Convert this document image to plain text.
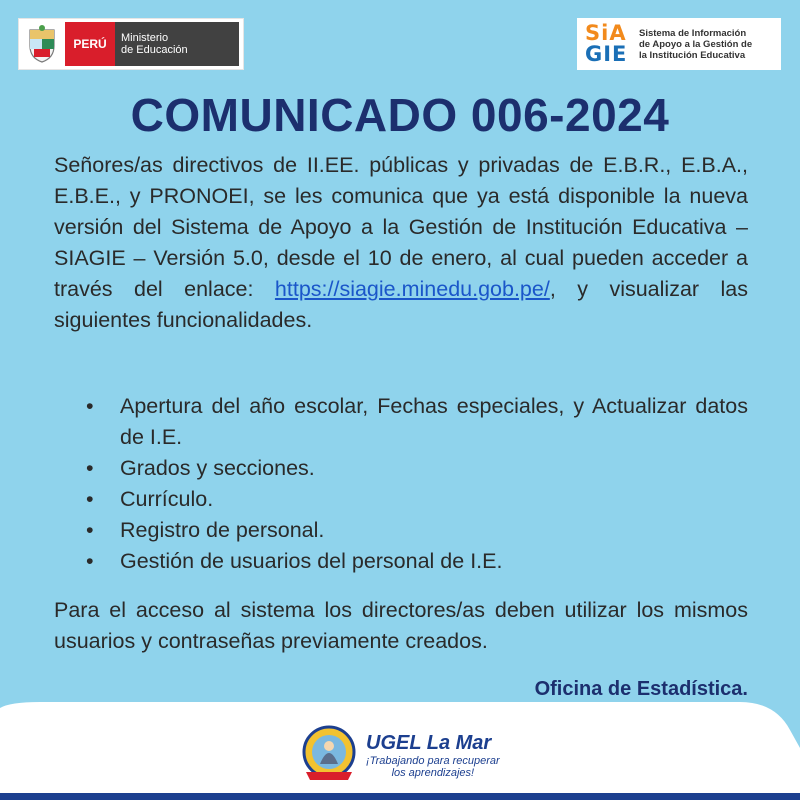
PERÚ	Ministerio
de Educación
SiA
GIE
Sistema de Información
de Apoyo a la Gestión de
la Institución Educativa
COMUNICADO 006-2024
Señores/as directivos de II.EE. públicas y privadas de E.B.R., E.B.A., E.B.E., y PRONOEI, se les comunica que ya está disponible la nueva versión del Sistema de Apoyo a la Gestión de Institución Educativa – SIAGIE – Versión 5.0, desde el 10 de enero, al cual pueden acceder a través del enlace: https://siagie.minedu.gob.pe/, y visualizar las siguientes funcionalidades.
• Apertura del año escolar, Fechas especiales, y Actualizar datos de I.E.
• Grados y secciones.
• Currículo.
• Registro de personal.
• Gestión de usuarios del personal de I.E.
Para el acceso al sistema los directores/as deben utilizar los mismos usuarios y contraseñas previamente creados.
Oficina de Estadística.
UGEL La Mar
¡Trabajando para recuperar
los aprendizajes!
